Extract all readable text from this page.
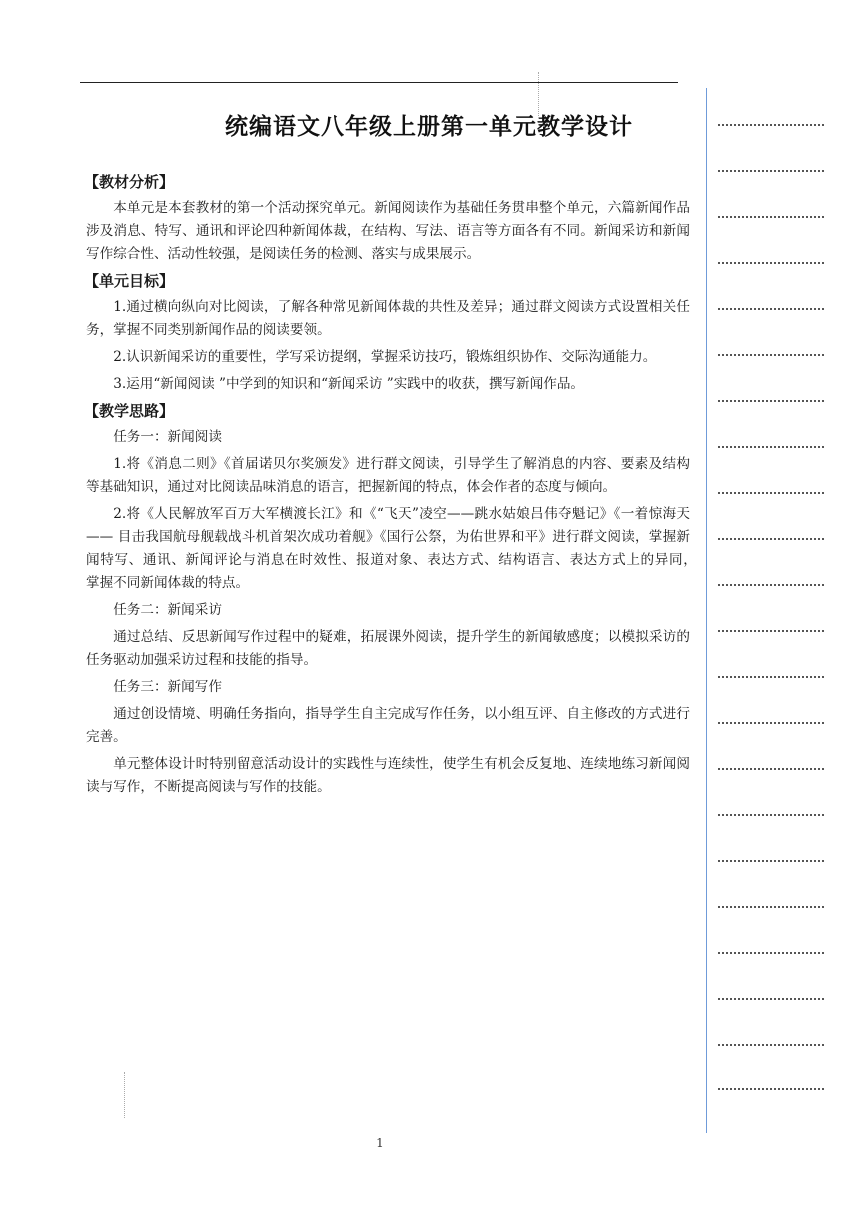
统编语文八年级上册第一单元教学设计

【教材分析】

本单元是本套教材的第一个活动探究单元。新闻阅读作为基础任务贯串整个单元，六篇新闻作品涉及消息、特写、通讯和评论四种新闻体裁，在结构、写法、语言等方面各有不同。新闻采访和新闻写作综合性、活动性较强，是阅读任务的检测、落实与成果展示。

【单元目标】

1.通过横向纵向对比阅读，了解各种常见新闻体裁的共性及差异；通过群文阅读方式设置相关任务，掌握不同类别新闻作品的阅读要领。

2.认识新闻采访的重要性，学写采访提纲，掌握采访技巧，锻炼组织协作、交际沟通能力。

3.运用“新闻阅读 ”中学到的知识和“新闻采访 ”实践中的收获，撰写新闻作品。

【教学思路】

任务一：新闻阅读

1.将《消息二则》《首届诺贝尔奖颁发》进行群文阅读，引导学生了解消息的内容、要素及结构等基础知识，通过对比阅读品味消息的语言，把握新闻的特点，体会作者的态度与倾向。

2.将《人民解放军百万大军横渡长江》和《“飞天”凌空——跳水姑娘吕伟夺魁记》《一着惊海天—— 目击我国航母舰载战斗机首架次成功着舰》《国行公祭，为佑世界和平》进行群文阅读，掌握新闻特写、通讯、新闻评论与消息在时效性、报道对象、表达方式、结构语言、表达方式上的异同，　掌握不同新闻体裁的特点。

任务二：新闻采访

通过总结、反思新闻写作过程中的疑难，拓展课外阅读，提升学生的新闻敏感度；以模拟采访的任务驱动加强采访过程和技能的指导。

任务三：新闻写作

通过创设情境、明确任务指向，指导学生自主完成写作任务，以小组互评、自主修改的方式进行完善。

单元整体设计时特别留意活动设计的实践性与连续性，使学生有机会反复地、连续地练习新闻阅读与写作，不断提高阅读与写作的技能。

1
